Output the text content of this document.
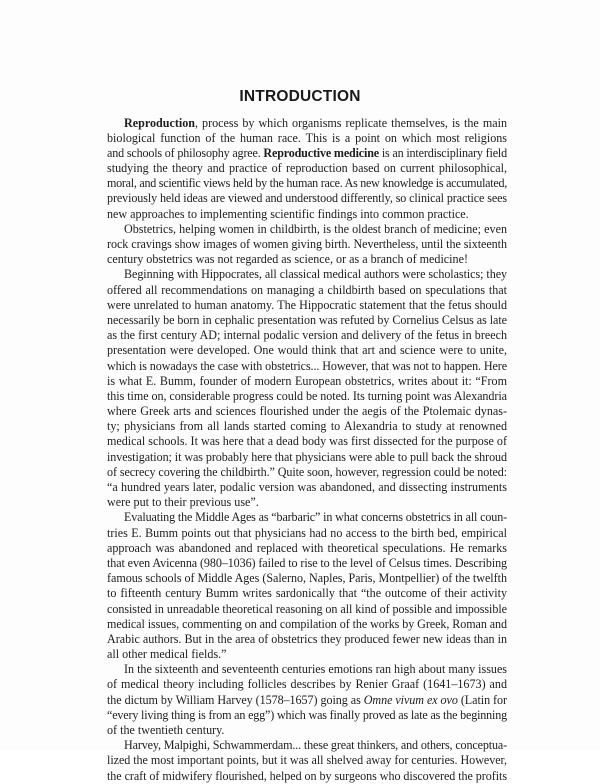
INTRODUCTION
Reproduction, process by which organisms replicate themselves, is the main
biological function of the human race. This is a point on which most religions
and schools of philosophy agree. Reproductive medicine is an interdisciplinary field
studying the theory and practice of reproduction based on current philosophical,
moral, and scientific views held by the human race. As new knowledge is accumulated,
previously held ideas are viewed and understood differently, so clinical practice sees
new approaches to implementing scientific findings into common practice.
Obstetrics, helping women in childbirth, is the oldest branch of medicine; even
rock cravings show images of women giving birth. Nevertheless, until the sixteenth
century obstetrics was not regarded as science, or as a branch of medicine!
Beginning with Hippocrates, all classical medical authors were scholastics; they
offered all recommendations on managing a childbirth based on speculations that
were unrelated to human anatomy. The Hippocratic statement that the fetus should
necessarily be born in cephalic presentation was refuted by Cornelius Celsus as late
as the first century AD; internal podalic version and delivery of the fetus in breech
presentation were developed. One would think that art and science were to unite,
which is nowadays the case with obstetrics... However, that was not to happen. Here
is what E. Bumm, founder of modern European obstetrics, writes about it: “From
this time on, considerable progress could be noted. Its turning point was Alexandria
where Greek arts and sciences flourished under the aegis of the Ptolemaic dynas-
ty; physicians from all lands started coming to Alexandria to study at renowned
medical schools. It was here that a dead body was first dissected for the purpose of
investigation; it was probably here that physicians were able to pull back the shroud
of secrecy covering the childbirth.” Quite soon, however, regression could be noted:
“a hundred years later, podalic version was abandoned, and dissecting instruments
were put to their previous use”.
Evaluating the Middle Ages as “barbaric” in what concerns obstetrics in all coun-
tries E. Bumm points out that physicians had no access to the birth bed, empirical
approach was abandoned and replaced with theoretical speculations. He remarks
that even Avicenna (980–1036) failed to rise to the level of Celsus times. Describing
famous schools of Middle Ages (Salerno, Naples, Paris, Montpellier) of the twelfth
to fifteenth century Bumm writes sardonically that “the outcome of their activity
consisted in unreadable theoretical reasoning on all kind of possible and impossible
medical issues, commenting on and compilation of the works by Greek, Roman and
Arabic authors. But in the area of obstetrics they produced fewer new ideas than in
all other medical fields.”
In the sixteenth and seventeenth centuries emotions ran high about many issues
of medical theory including follicles describes by Renier Graaf (1641–1673) and
the dictum by William Harvey (1578–1657) going as Omne vivum ex ovo (Latin for
“every living thing is from an egg”) which was finally proved as late as the beginning
of the twentieth century.
Harvey, Malpighi, Schwammerdam... these great thinkers, and others, conceptua-
lized the most important points, but it was all shelved away for centuries. However,
the craft of midwifery flourished, helped on by surgeons who discovered the profits
